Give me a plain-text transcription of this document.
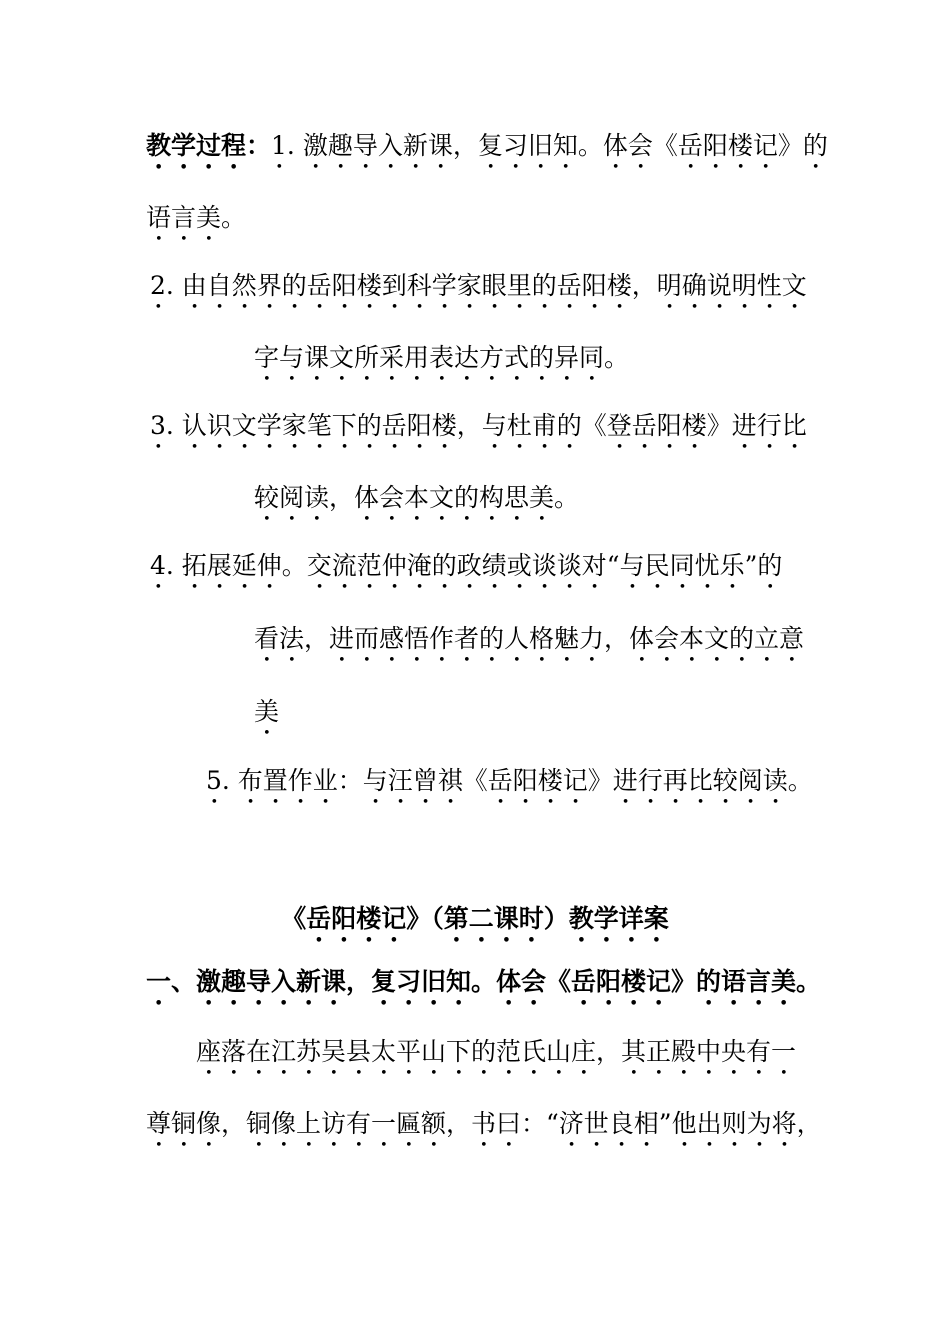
教学过程：1. 激趣导入新课，复习旧知。体会《岳阳楼记》的
语言美。
2. 由自然界的岳阳楼到科学家眼里的岳阳楼，明确说明性文
字与课文所采用表达方式的异同。
3. 认识文学家笔下的岳阳楼，与杜甫的《登岳阳楼》进行比
较阅读，体会本文的构思美。
4. 拓展延伸。交流范仲淹的政绩或谈谈对“与民同忧乐”的
看法，进而感悟作者的人格魅力，体会本文的立意
美
5. 布置作业：与汪曾祺《岳阳楼记》进行再比较阅读。
《岳阳楼记》（第二课时）教学详案
一、激趣导入新课，复习旧知。体会《岳阳楼记》的语言美。
座落在江苏吴县太平山下的范氏山庄，其正殿中央有一
尊铜像，铜像上访有一匾额，书曰：“济世良相”他出则为将，
